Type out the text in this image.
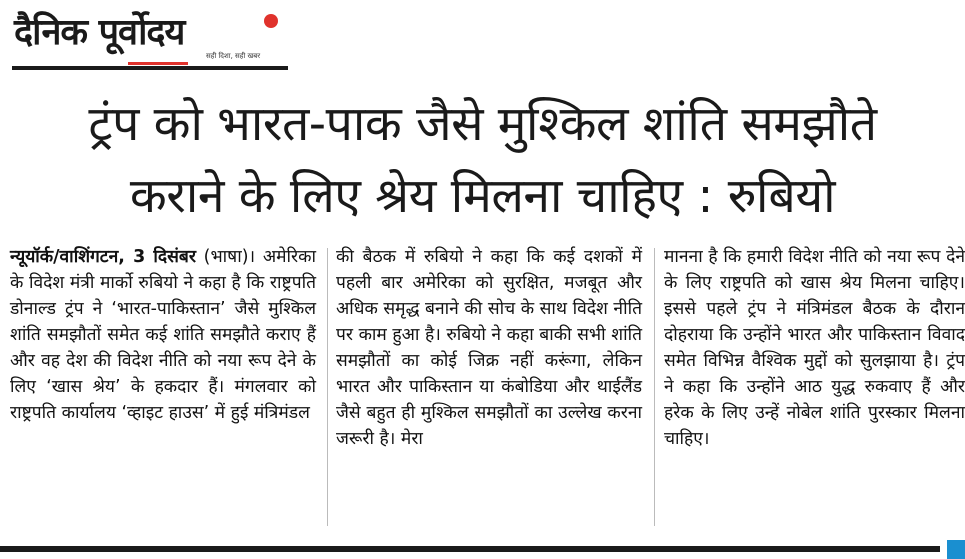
दैनिक पूर्वोदय
सही दिशा, सही खबर
ट्रंप को भारत-पाक जैसे मुश्किल शांति समझौते
कराने के लिए श्रेय मिलना चाहिए : रुबियो
न्यूयॉर्क/वाशिंगटन, 3 दिसंबर (भाषा)। अमेरिका के विदेश मंत्री मार्को रुबियो ने कहा है कि राष्ट्रपति डोनाल्ड ट्रंप ने ‘भारत-पाकिस्तान’ जैसे मुश्किल शांति समझौतों समेत कई शांति समझौते कराए हैं और वह देश की विदेश नीति को नया रूप देने के लिए ‘खास श्रेय’ के हकदार हैं। मंगलवार को राष्ट्रपति कार्यालय ‘व्हाइट हाउस’ में हुई मंत्रिमंडल
की बैठक में रुबियो ने कहा कि कई दशकों में पहली बार अमेरिका को सुरक्षित, मजबूत और अधिक समृद्ध बनाने की सोच के साथ विदेश नीति पर काम हुआ है। रुबियो ने कहा बाकी सभी शांति समझौतों का कोई जिक्र नहीं करूंगा, लेकिन भारत और पाकिस्तान या कंबोडिया और थाईलैंड जैसे बहुत ही मुश्किल समझौतों का उल्लेख करना जरूरी है। मेरा
मानना है कि हमारी विदेश नीति को नया रूप देने के लिए राष्ट्रपति को खास श्रेय मिलना चाहिए। इससे पहले ट्रंप ने मंत्रिमंडल बैठक के दौरान दोहराया कि उन्होंने भारत और पाकिस्तान विवाद समेत विभिन्न वैश्विक मुद्दों को सुलझाया है। ट्रंप ने कहा कि उन्होंने आठ युद्ध रुकवाए हैं और हरेक के लिए उन्हें नोबेल शांति पुरस्कार मिलना चाहिए।
